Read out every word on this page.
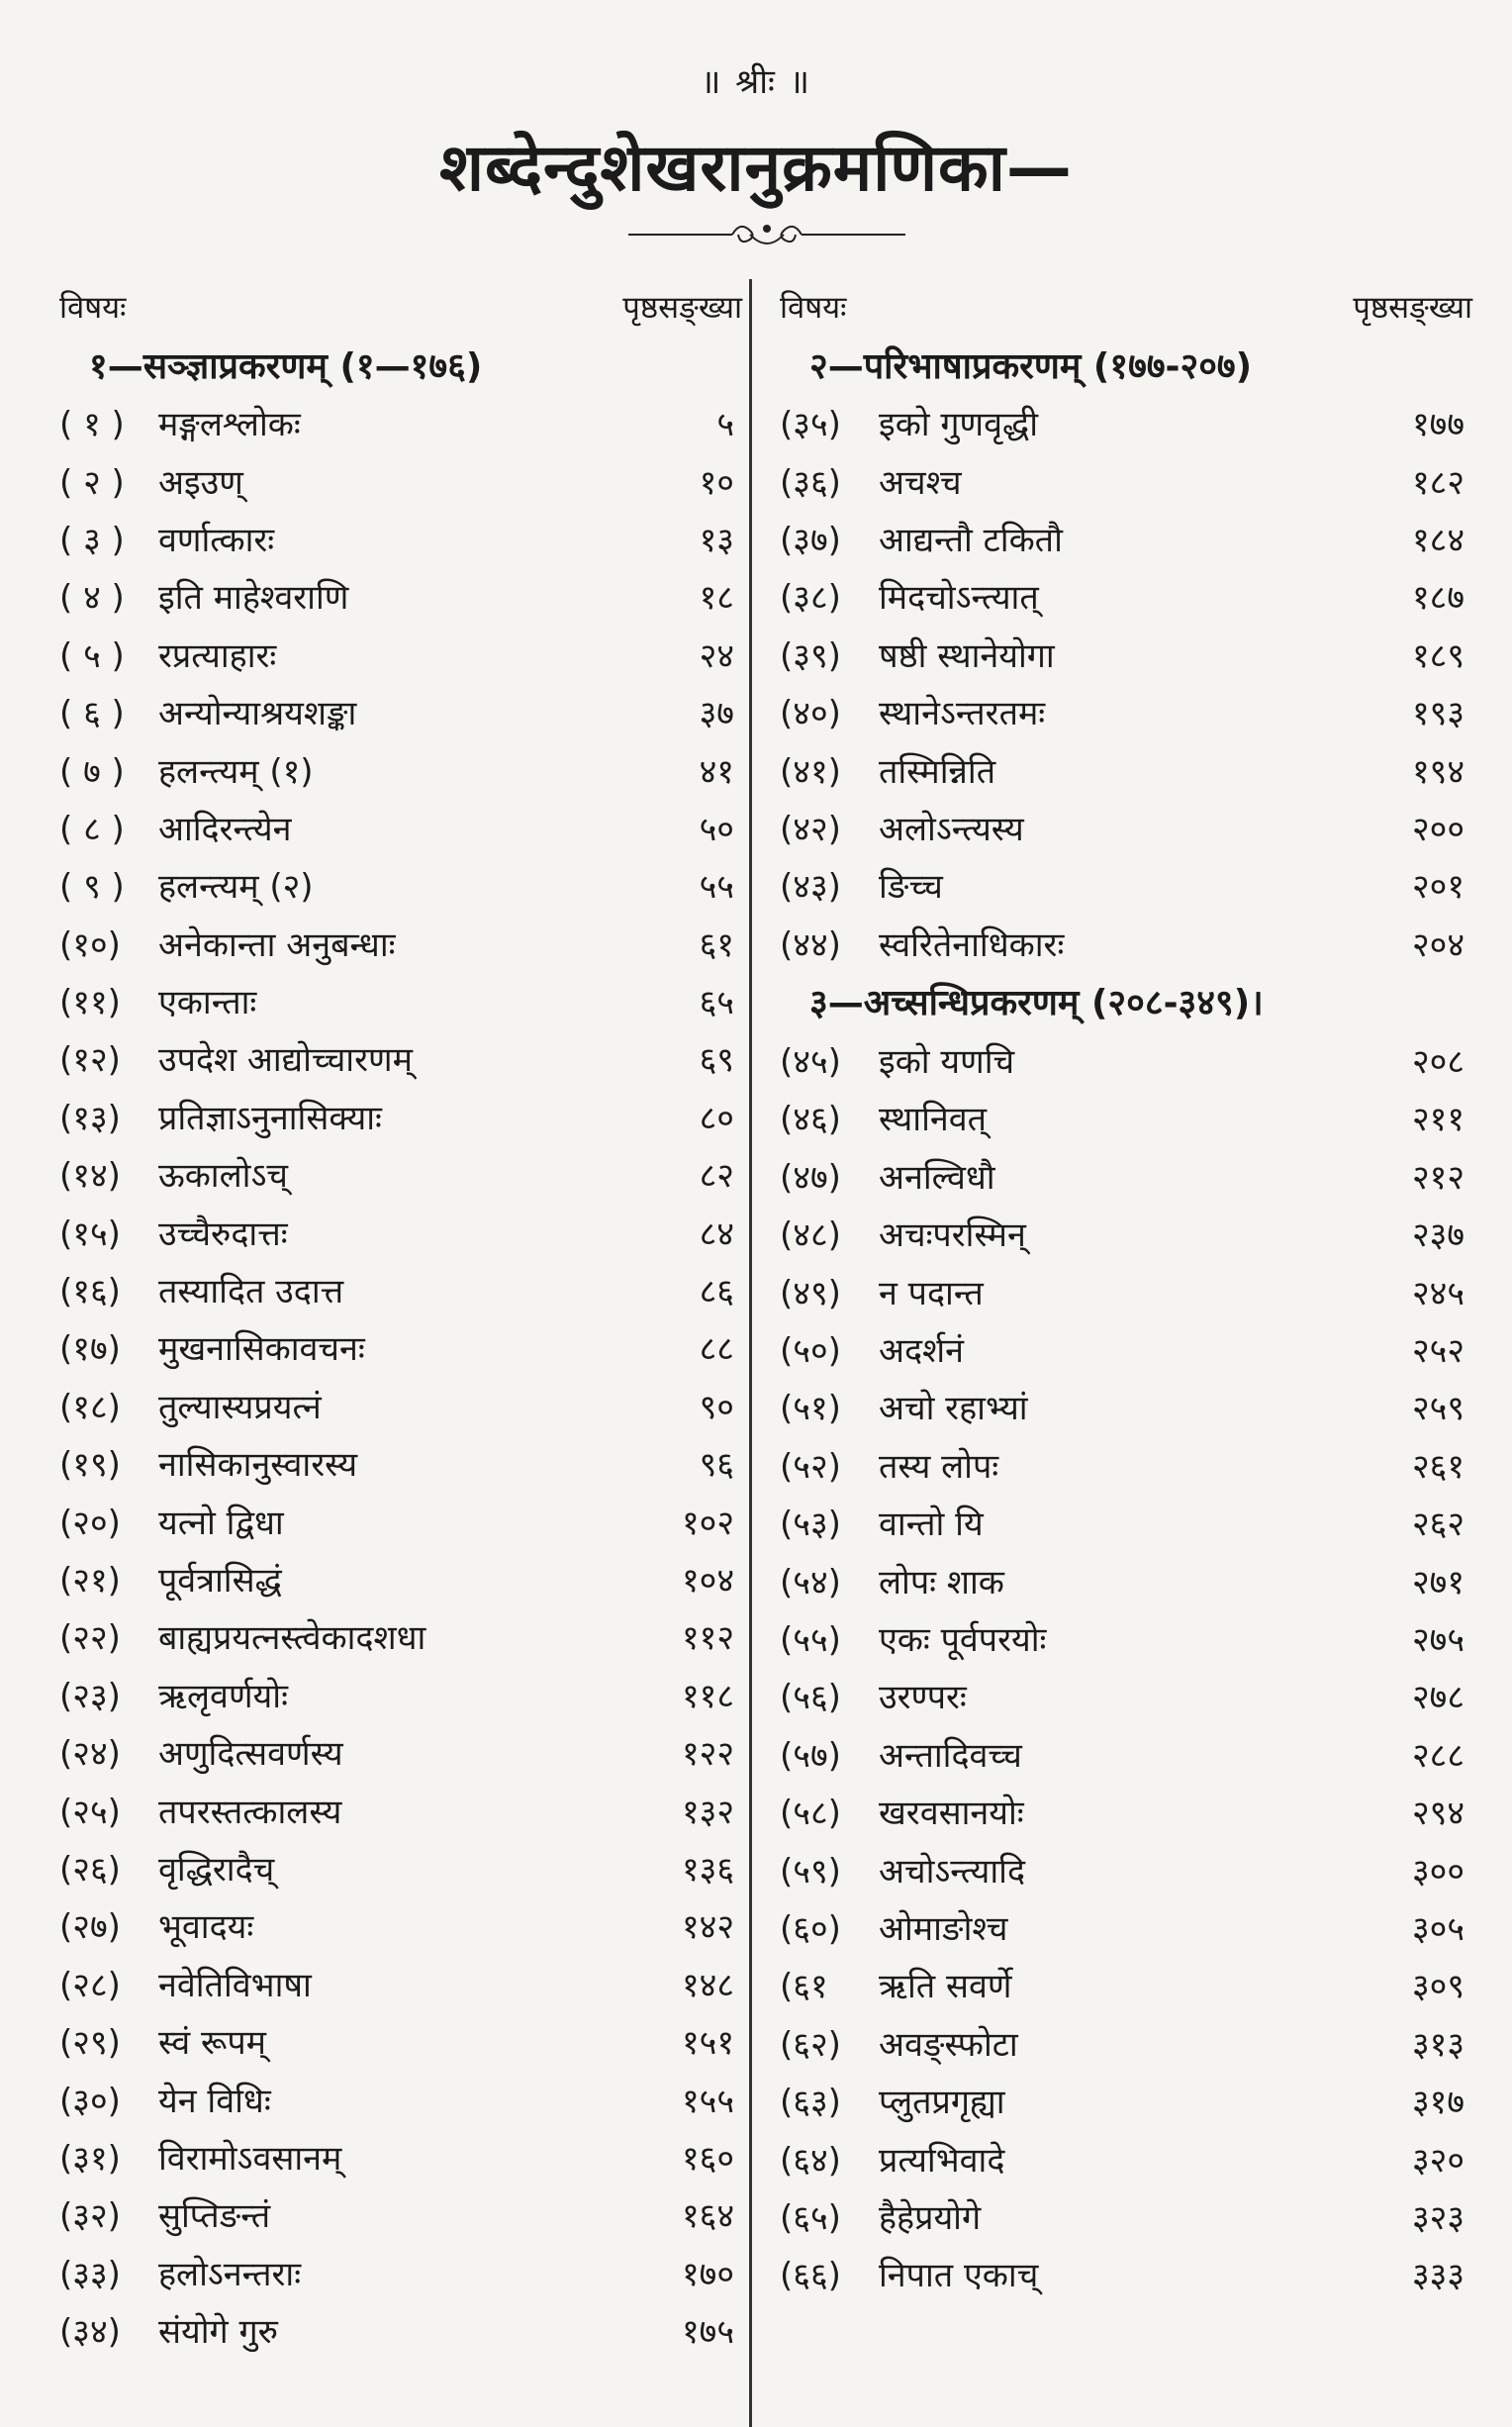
॥ श्रीः ॥
शब्देन्दुशेखरानुक्रमणिका—
विषयः	पृष्ठसङ्ख्या
१—सञ्ज्ञाप्रकरणम् (१—१७६)
( १ )	मङ्गलश्लोकः	५
( २ )	अइउण्	१०
( ३ )	वर्णात्कारः	१३
( ४ )	इति माहेश्वराणि	१८
( ५ )	रप्रत्याहारः	२४
( ६ )	अन्योन्याश्रयशङ्का	३७
( ७ )	हलन्त्यम् (१)	४१
( ८ )	आदिरन्त्येन	५०
( ९ )	हलन्त्यम् (२)	५५
(१०)	अनेकान्ता अनुबन्धाः	६१
(११)	एकान्ताः	६५
(१२)	उपदेश आद्योच्चारणम्	६९
(१३)	प्रतिज्ञाऽनुनासिक्याः	८०
(१४)	ऊकालोऽच्	८२
(१५)	उच्चैरुदात्तः	८४
(१६)	तस्यादित उदात्त	८६
(१७)	मुखनासिकावचनः	८८
(१८)	तुल्यास्यप्रयत्नं	९०
(१९)	नासिकानुस्वारस्य	९६
(२०)	यत्नो द्विधा	१०२
(२१)	पूर्वत्रासिद्धं	१०४
(२२)	बाह्यप्रयत्नस्त्वेकादशधा	११२
(२३)	ऋलृवर्णयोः	११८
(२४)	अणुदित्सवर्णस्य	१२२
(२५)	तपरस्तत्कालस्य	१३२
(२६)	वृद्धिरादैच्	१३६
(२७)	भूवादयः	१४२
(२८)	नवेतिविभाषा	१४८
(२९)	स्वं रूपम्	१५१
(३०)	येन विधिः	१५५
(३१)	विरामोऽवसानम्	१६०
(३२)	सुप्तिङन्तं	१६४
(३३)	हलोऽनन्तराः	१७०
(३४)	संयोगे गुरु	१७५
विषयः	पृष्ठसङ्ख्या
२—परिभाषाप्रकरणम् (१७७-२०७)
(३५)	इको गुणवृद्धी	१७७
(३६)	अचश्च	१८२
(३७)	आद्यन्तौ टकितौ	१८४
(३८)	मिदचोऽन्त्यात्	१८७
(३९)	षष्ठी स्थानेयोगा	१८९
(४०)	स्थानेऽन्तरतमः	१९३
(४१)	तस्मिन्निति	१९४
(४२)	अलोऽन्त्यस्य	२००
(४३)	ङिच्च	२०१
(४४)	स्वरितेनाधिकारः	२०४
३—अच्सन्धिप्रकरणम् (२०८-३४९)।
(४५)	इको यणचि	२०८
(४६)	स्थानिवत्	२११
(४७)	अनल्विधौ	२१२
(४८)	अचःपरस्मिन्	२३७
(४९)	न पदान्त	२४५
(५०)	अदर्शनं	२५२
(५१)	अचो रहाभ्यां	२५९
(५२)	तस्य लोपः	२६१
(५३)	वान्तो यि	२६२
(५४)	लोपः शाक	२७१
(५५)	एकः पूर्वपरयोः	२७५
(५६)	उरण्परः	२७८
(५७)	अन्तादिवच्च	२८८
(५८)	खरवसानयोः	२९४
(५९)	अचोऽन्त्यादि	३००
(६०)	ओमाङोश्च	३०५
(६१	ऋति सवर्णे	३०९
(६२)	अवङ्स्फोटा	३१३
(६३)	प्लुतप्रगृह्या	३१७
(६४)	प्रत्यभिवादे	३२०
(६५)	हैहेप्रयोगे	३२३
(६६)	निपात एकाच्	३३३
